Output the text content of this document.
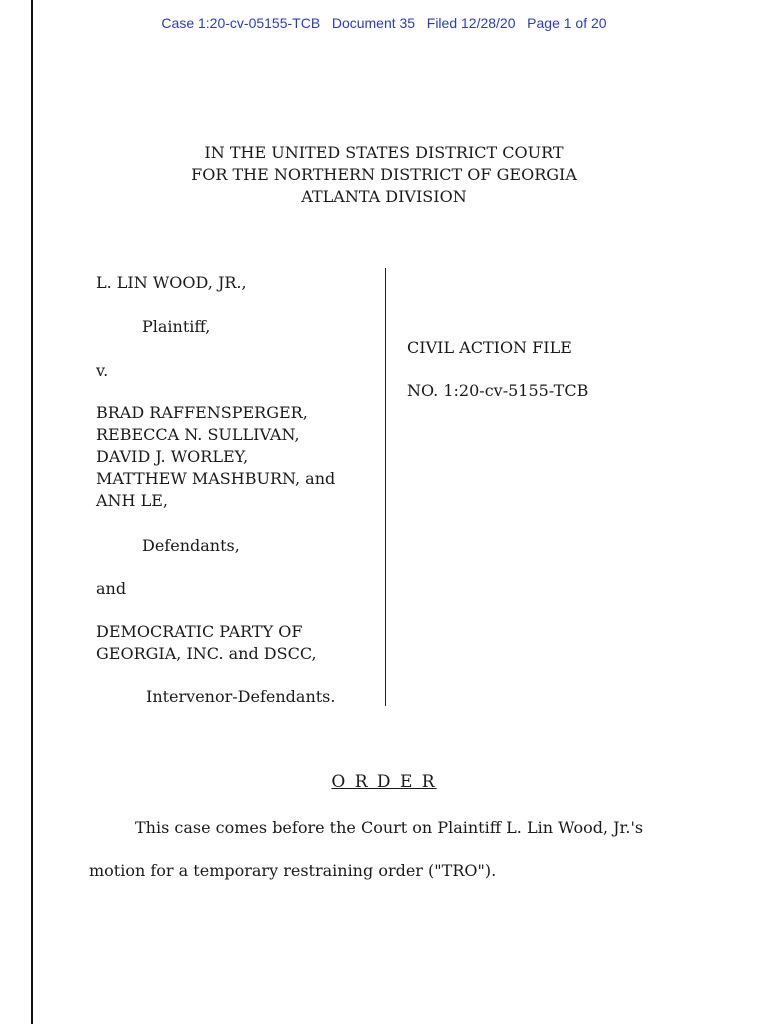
Case 1:20-cv-05155-TCB   Document 35   Filed 12/28/20   Page 1 of 20
IN THE UNITED STATES DISTRICT COURT
FOR THE NORTHERN DISTRICT OF GEORGIA
ATLANTA DIVISION
L. LIN WOOD, JR.,
Plaintiff,
v.
BRAD RAFFENSPERGER,
REBECCA N. SULLIVAN,
DAVID J. WORLEY,
MATTHEW MASHBURN, and
ANH LE,
Defendants,
and
DEMOCRATIC PARTY OF
GEORGIA, INC. and DSCC,
Intervenor-Defendants.
CIVIL ACTION FILE
NO. 1:20-cv-5155-TCB
O R D E R
This case comes before the Court on Plaintiff L. Lin Wood, Jr.'s
motion for a temporary restraining order ("TRO").
